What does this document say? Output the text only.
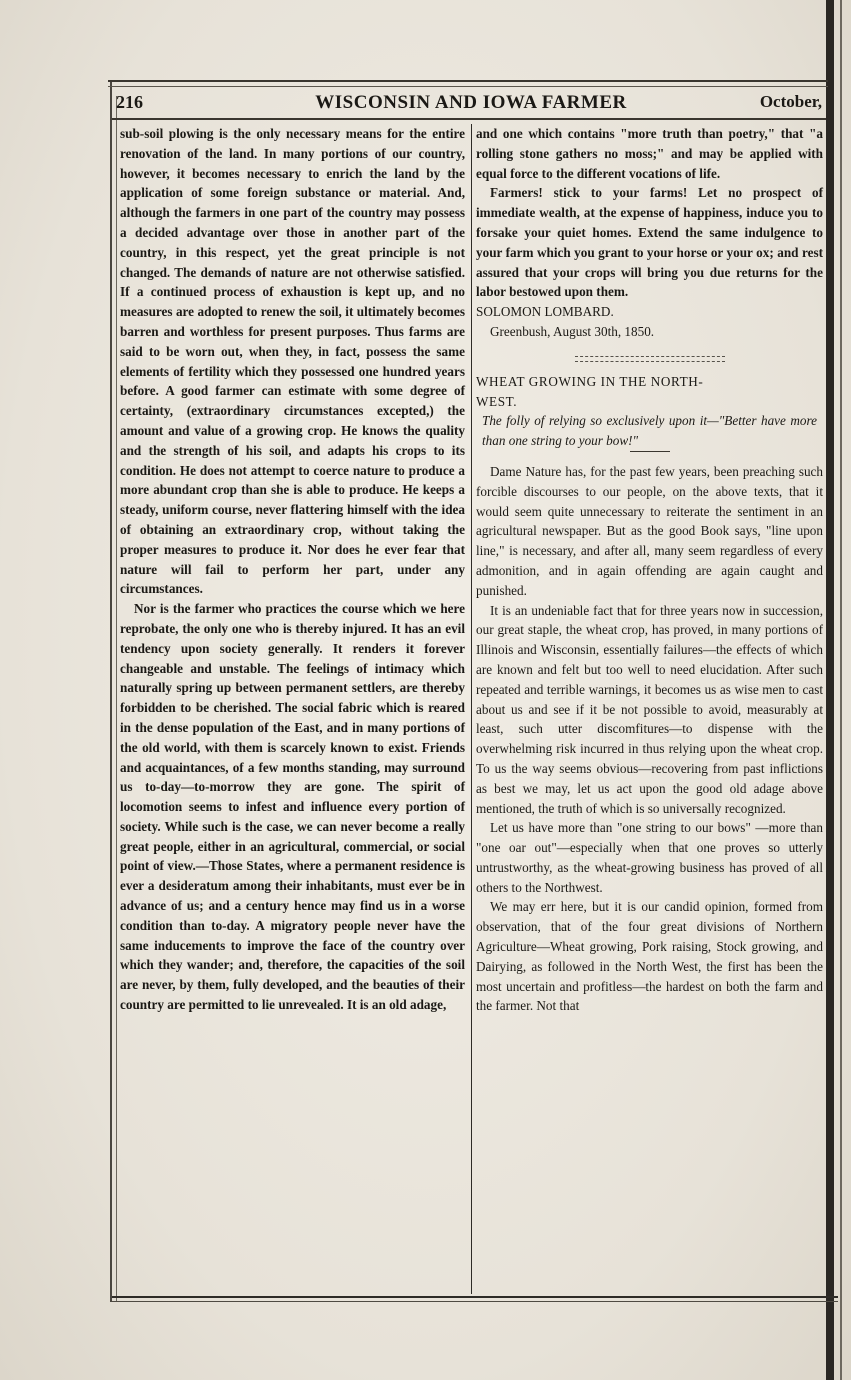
216	WISCONSIN AND IOWA FARMER	October,

sub-soil plowing is the only necessary means for the entire renovation of the land. In many portions of our country, however, it becomes necessary to enrich the land by the application of some foreign substance or material. And, although the farmers in one part of the country may possess a decided advantage over those in another part of the country, in this respect, yet the great principle is not changed. The demands of nature are not otherwise satisfied. If a continued process of exhaustion is kept up, and no measures are adopted to renew the soil, it ultimately becomes barren and worthless for present purposes. Thus farms are said to be worn out, when they, in fact, possess the same elements of fertility which they possessed one hundred years before. A good farmer can estimate with some degree of certainty, (extraordinary circumstances excepted,) the amount and value of a growing crop. He knows the quality and the strength of his soil, and adapts his crops to its condition. He does not attempt to coerce nature to produce a more abundant crop than she is able to produce. He keeps a steady, uniform course, never flattering himself with the idea of obtaining an extraordinary crop, without taking the proper measures to produce it. Nor does he ever fear that nature will fail to perform her part, under any circumstances.

Nor is the farmer who practices the course which we here reprobate, the only one who is thereby injured. It has an evil tendency upon society generally. It renders it forever changeable and unstable. The feelings of intimacy which naturally spring up between permanent settlers, are thereby forbidden to be cherished. The social fabric which is reared in the dense population of the East, and in many portions of the old world, with them is scarcely known to exist. Friends and acquaintances, of a few months standing, may surround us to-day—to-morrow they are gone. The spirit of locomotion seems to infest and influence every portion of society. While such is the case, we can never become a really great people, either in an agricultural, commercial, or social point of view.—Those States, where a permanent residence is ever a desideratum among their inhabitants, must ever be in advance of us; and a century hence may find us in a worse condition than to-day. A migratory people never have the same inducements to improve the face of the country over which they wander; and, therefore, the capacities of the soil are never, by them, fully developed, and the beauties of their country are permitted to lie unrevealed. It is an old adage,

and one which contains "more truth than poetry," that "a rolling stone gathers no moss;" and may be applied with equal force to the different vocations of life.

Farmers! stick to your farms! Let no prospect of immediate wealth, at the expense of happiness, induce you to forsake your quiet homes. Extend the same indulgence to your farm which you grant to your horse or your ox; and rest assured that your crops will bring you due returns for the labor bestowed upon them.

SOLOMON LOMBARD.

Greenbush, August 30th, 1850.

WHEAT GROWING IN THE NORTH-

WEST.

The folly of relying so exclusively upon it—"Better have more than one string to your bow!"

Dame Nature has, for the past few years, been preaching such forcible discourses to our people, on the above texts, that it would seem quite unnecessary to reiterate the sentiment in an agricultural newspaper. But as the good Book says, "line upon line," is necessary, and after all, many seem regardless of every admonition, and in again offending are again caught and punished.

It is an undeniable fact that for three years now in succession, our great staple, the wheat crop, has proved, in many portions of Illinois and Wisconsin, essentially failures—the effects of which are known and felt but too well to need elucidation. After such repeated and terrible warnings, it becomes us as wise men to cast about us and see if it be not possible to avoid, measurably at least, such utter discomfitures—to dispense with the overwhelming risk incurred in thus relying upon the wheat crop. To us the way seems obvious—recovering from past inflictions as best we may, let us act upon the good old adage above mentioned, the truth of which is so universally recognized.

Let us have more than "one string to our bows" —more than "one oar out"—especially when that one proves so utterly untrustworthy, as the wheat-growing business has proved of all others to the Northwest.

We may err here, but it is our candid opinion, formed from observation, that of the four great divisions of Northern Agriculture—Wheat growing, Pork raising, Stock growing, and Dairying, as followed in the North West, the first has been the most uncertain and profitless—the hardest on both the farm and the farmer. Not that
